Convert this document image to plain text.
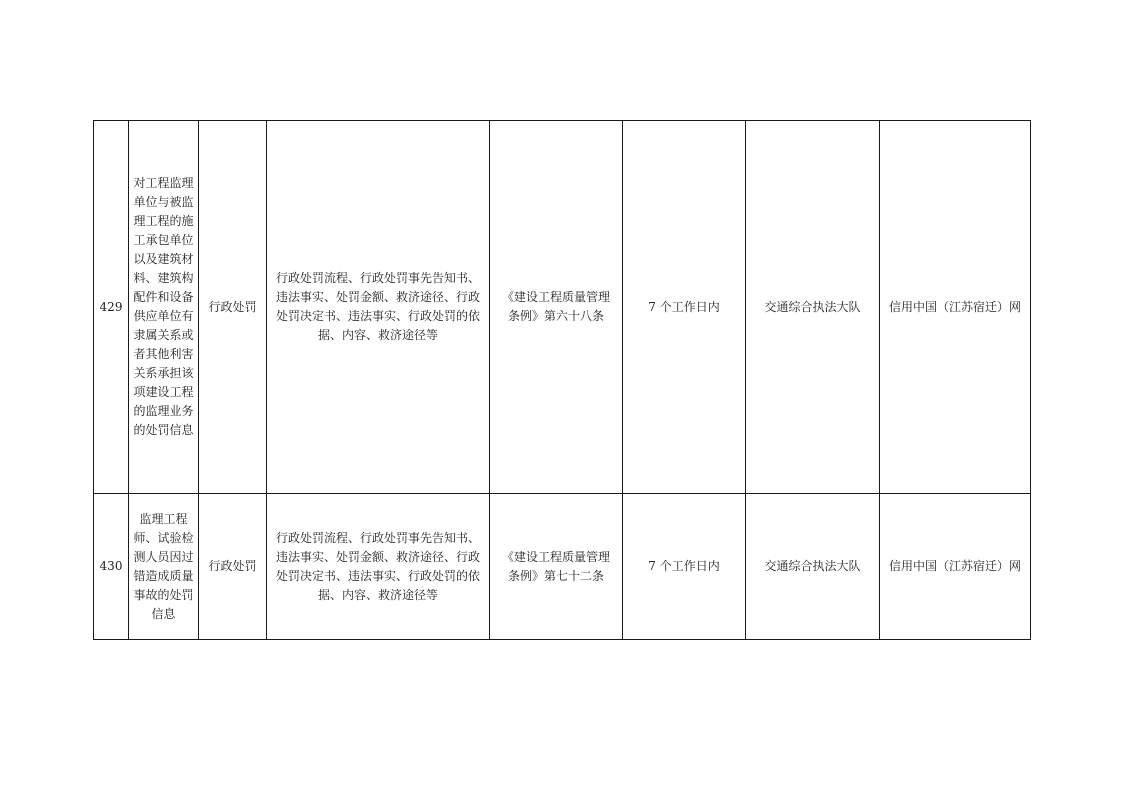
429	对工程监理单位与被监理工程的施工承包单位以及建筑材料、建筑构配件和设备供应单位有隶属关系或者其他利害关系承担该项建设工程的监理业务的处罚信息	行政处罚	行政处罚流程、行政处罚事先告知书、违法事实、处罚金额、救济途径、行政处罚决定书、违法事实、行政处罚的依据、内容、救济途径等	《建设工程质量管理条例》第六十八条	7 个工作日内	交通综合执法大队	信用中国（江苏宿迁）网

430	监理工程师、试验检测人员因过错造成质量事故的处罚信息	行政处罚	行政处罚流程、行政处罚事先告知书、违法事实、处罚金额、救济途径、行政处罚决定书、违法事实、行政处罚的依据、内容、救济途径等	《建设工程质量管理条例》第七十二条	7 个工作日内	交通综合执法大队	信用中国（江苏宿迁）网
